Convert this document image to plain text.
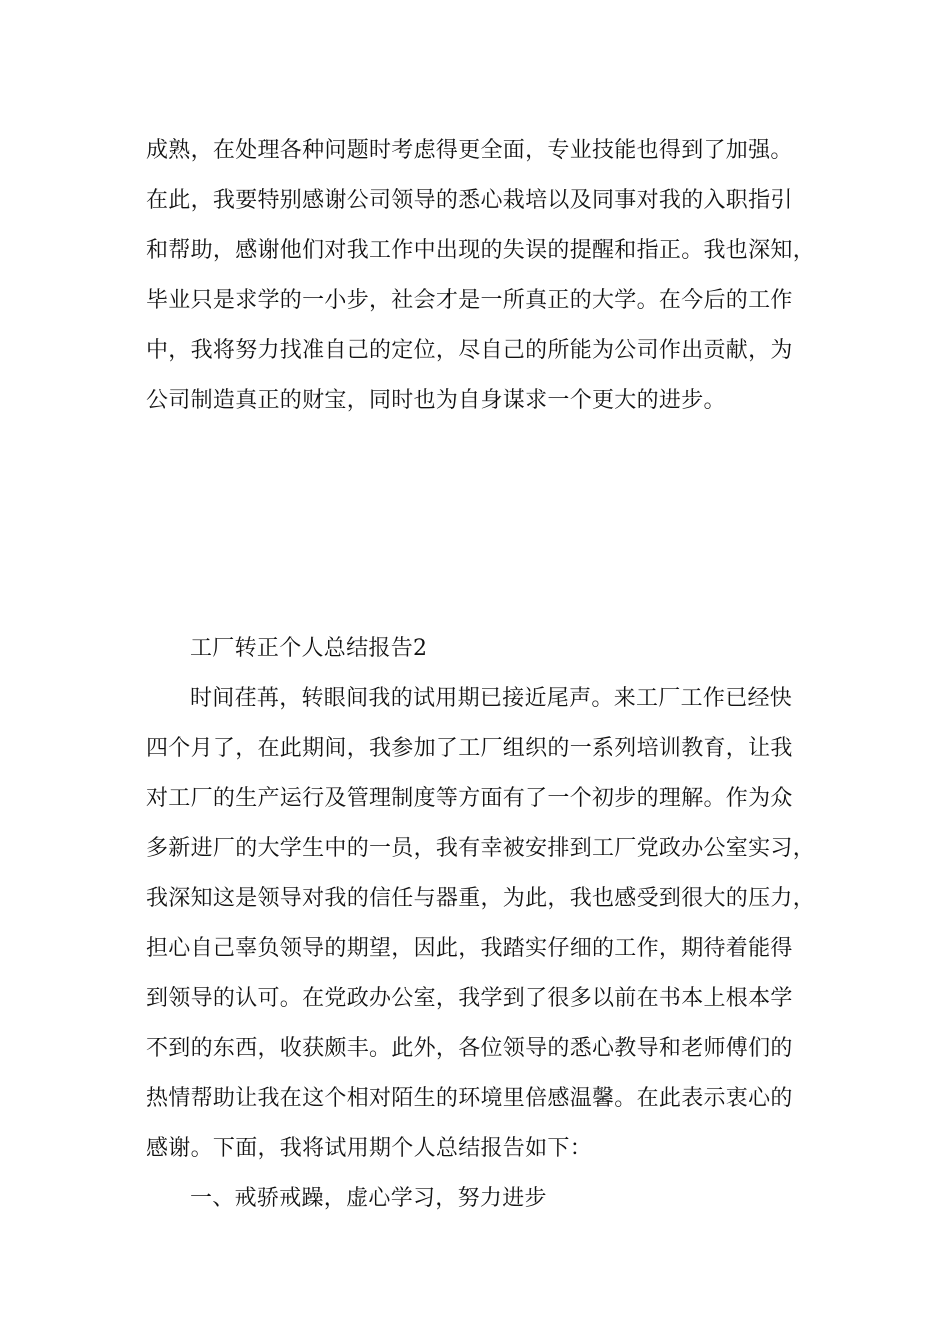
成熟，在处理各种问题时考虑得更全面，专业技能也得到了加强。
在此，我要特别感谢公司领导的悉心栽培以及同事对我的入职指引
和帮助，感谢他们对我工作中出现的失误的提醒和指正。我也深知，
毕业只是求学的一小步，社会才是一所真正的大学。在今后的工作
中，我将努力找准自己的定位，尽自己的所能为公司作出贡献，为
公司制造真正的财宝，同时也为自身谋求一个更大的进步。
工厂转正个人总结报告2
时间荏苒，转眼间我的试用期已接近尾声。来工厂工作已经快
四个月了，在此期间，我参加了工厂组织的一系列培训教育，让我
对工厂的生产运行及管理制度等方面有了一个初步的理解。作为众
多新进厂的大学生中的一员，我有幸被安排到工厂党政办公室实习，
我深知这是领导对我的信任与器重，为此，我也感受到很大的压力，
担心自己辜负领导的期望，因此，我踏实仔细的工作，期待着能得
到领导的认可。在党政办公室，我学到了很多以前在书本上根本学
不到的东西，收获颇丰。此外，各位领导的悉心教导和老师傅们的
热情帮助让我在这个相对陌生的环境里倍感温馨。在此表示衷心的
感谢。下面，我将试用期个人总结报告如下：
一、戒骄戒躁，虚心学习，努力进步
